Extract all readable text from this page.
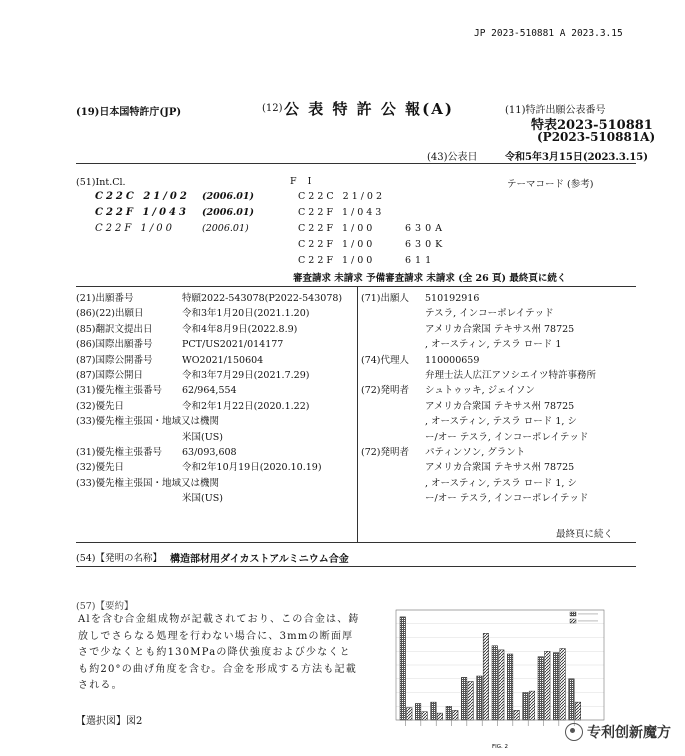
JP 2023-510881 A 2023.3.15
(19)日本国特許庁(JP)	(12) 公 表 特 許 公 報(A)	(11)特許出願公表番号
特表2023-510881
(P2023-510881A)
(43)公表日	令和5年3月15日(2023.3.15)
(51)Int.Cl.	F I	テーマコード (参考)
C22C 21/02 (2006.01)
C22F 1/043 (2006.01)
C22F 1/00	(2006.01)
C22C 21/02
C22F 1/043
C22F 1/00	630A
C22F 1/00	630K
C22F 1/00	611
審査請求 未請求 予備審査請求 未請求 (全 26 頁) 最終頁に続く
(21)出願番号	特願2022-543078(P2022-543078)
(86)(22)出願日	令和3年1月20日(2021.1.20)
(85)翻訳文提出日	令和4年8月9日(2022.8.9)
(86)国際出願番号	PCT/US2021/014177
(87)国際公開番号	WO2021/150604
(87)国際公開日	令和3年7月29日(2021.7.29)
(31)優先権主張番号 62/964,554
(32)優先日	令和2年1月22日(2020.1.22)
(33)優先権主張国・地域又は機関
米国(US)
(31)優先権主張番号 63/093,608
(32)優先日	令和2年10月19日(2020.10.19)
(33)優先権主張国・地域又は機関
米国(US)
(71)出願人 510192916
テスラ, インコーポレイテッド
アメリカ合衆国 テキサス州 78725
, オースティン, テスラ ロード 1
(74)代理人 110000659
弁理士法人広江アソシエイツ特許事務所
(72)発明者 シュトゥッキ, ジェイソン
アメリカ合衆国 テキサス州 78725
, オースティン, テスラ ロード 1, シ
ー/オー テスラ, インコーポレイテッド
(72)発明者 パティンソン, グラント
アメリカ合衆国 テキサス州 78725
, オースティン, テスラ ロード 1, シ
ー/オー テスラ, インコーポレイテッド
最終頁に続く
(54)【発明の名称】 構造部材用ダイカストアルミニウム合金
(57)【要約】
Alを含む合金組成物が記載されており、この合金は、鋳放しでさらなる処理を行わない場合に、3mmの断面厚さで少なくとも約130MPaの降伏強度および少なくとも約20°の曲げ角度を含む。合金を形成する方法も記載される。
【選択図】図2
FIG. 2
专利创新魔方
